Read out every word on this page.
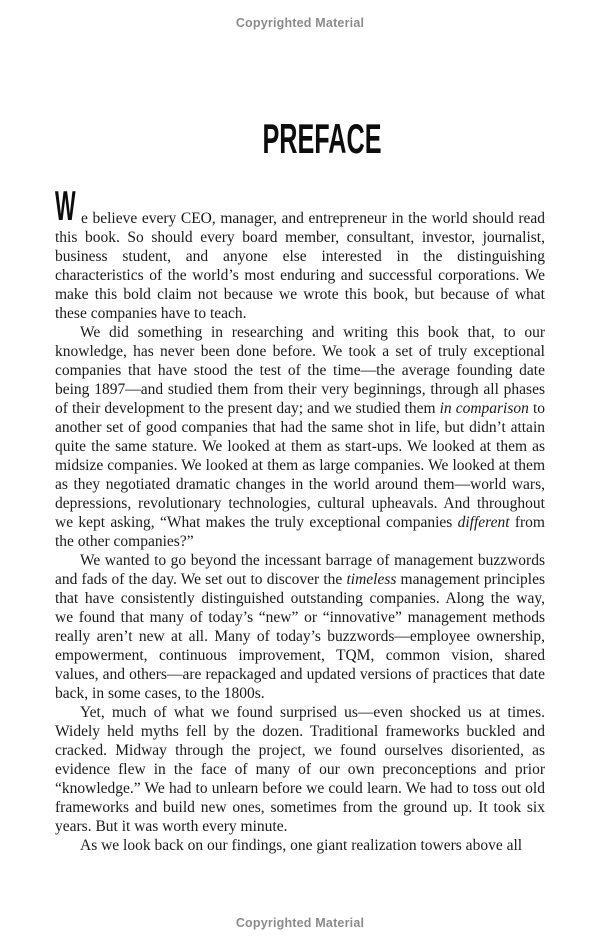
Copyrighted Material
PREFACE

W e believe every CEO, manager, and entrepreneur in the world should read this book. So should every board member, consultant, investor, journalist, business student, and anyone else interested in the distinguishing characteristics of the world’s most enduring and successful corporations. We make this bold claim not because we wrote this book, but because of what these companies have to teach.

We did something in researching and writing this book that, to our knowledge, has never been done before. We took a set of truly exceptional companies that have stood the test of the time—the average founding date being 1897—and studied them from their very beginnings, through all phases of their development to the present day; and we studied them in comparison to another set of good companies that had the same shot in life, but didn’t attain quite the same stature. We looked at them as start-ups. We looked at them as midsize companies. We looked at them as large companies. We looked at them as they negotiated dramatic changes in the world around them—world wars, depressions, revolutionary technologies, cultural upheavals. And throughout we kept asking, “What makes the truly exceptional companies different from the other companies?”

We wanted to go beyond the incessant barrage of management buzzwords and fads of the day. We set out to discover the timeless management principles that have consistently distinguished outstanding companies. Along the way, we found that many of today’s “new” or “innovative” management methods really aren’t new at all. Many of today’s buzzwords—employee ownership, empowerment, continuous improvement, TQM, common vision, shared values, and others—are repackaged and updated versions of practices that date back, in some cases, to the 1800s.

Yet, much of what we found surprised us—even shocked us at times. Widely held myths fell by the dozen. Traditional frameworks buckled and cracked. Midway through the project, we found ourselves disoriented, as evidence flew in the face of many of our own preconceptions and prior “knowledge.” We had to unlearn before we could learn. We had to toss out old frameworks and build new ones, sometimes from the ground up. It took six years. But it was worth every minute.

As we look back on our findings, one giant realization towers above all

Copyrighted Material
